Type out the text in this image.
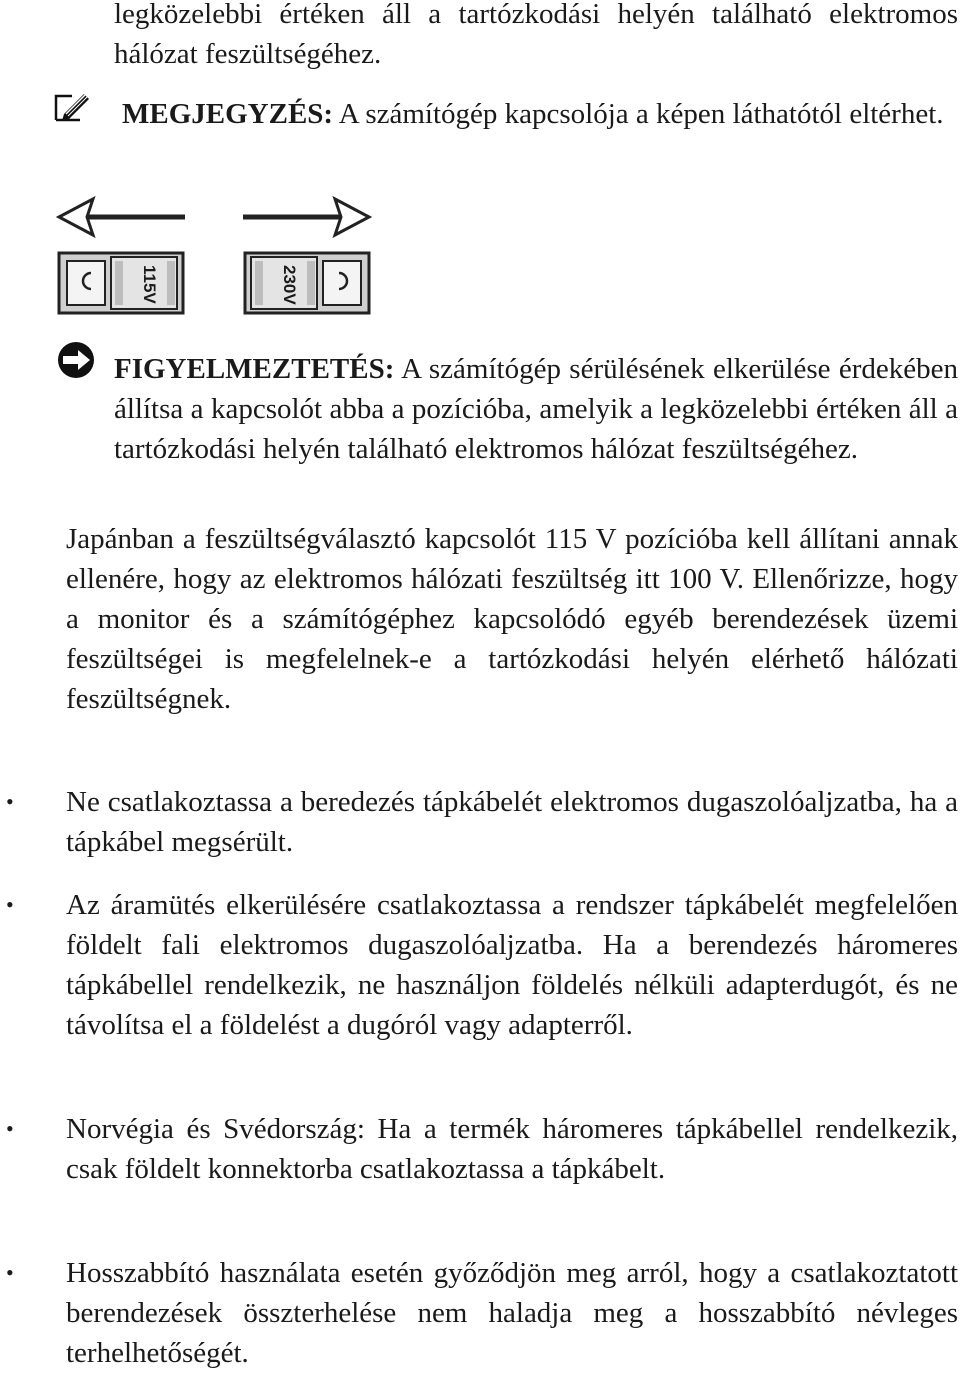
legközelebbi értéken áll a tartózkodási helyén található elektromos hálózat feszültségéhez.

MEGJEGYZÉS: A számítógép kapcsolója a képen láthatótól eltérhet.

115V	230V

FIGYELMEZTETÉS: A számítógép sérülésének elkerülése érdekében állítsa a kapcsolót abba a pozícióba, amelyik a legközelebbi értéken áll a tartózkodási helyén található elektromos hálózat feszültségéhez.

Japánban a feszültségválasztó kapcsolót 115 V pozícióba kell állítani annak ellenére, hogy az elektromos hálózati feszültség itt 100 V. Ellenőrizze, hogy a monitor és a számítógéphez kapcsolódó egyéb berendezések üzemi feszültségei is megfelelnek-e a tartózkodási helyén elérhető hálózati feszültségnek.

• Ne csatlakoztassa a beredezés tápkábelét elektromos dugaszolóaljzatba, ha a tápkábel megsérült.

• Az áramütés elkerülésére csatlakoztassa a rendszer tápkábelét megfelelően földelt fali elektromos dugaszolóaljzatba. Ha a berendezés háromeres tápkábellel rendelkezik, ne használjon földelés nélküli adapterdugót, és ne távolítsa el a földelést a dugóról vagy adapterről.

• Norvégia és Svédország: Ha a termék háromeres tápkábellel rendelkezik, csak földelt konnektorba csatlakoztassa a tápkábelt.

• Hosszabbító használata esetén győződjön meg arról, hogy a csatlakoztatott berendezések összterhelése nem haladja meg a hosszabbító névleges terhelhetőségét.
